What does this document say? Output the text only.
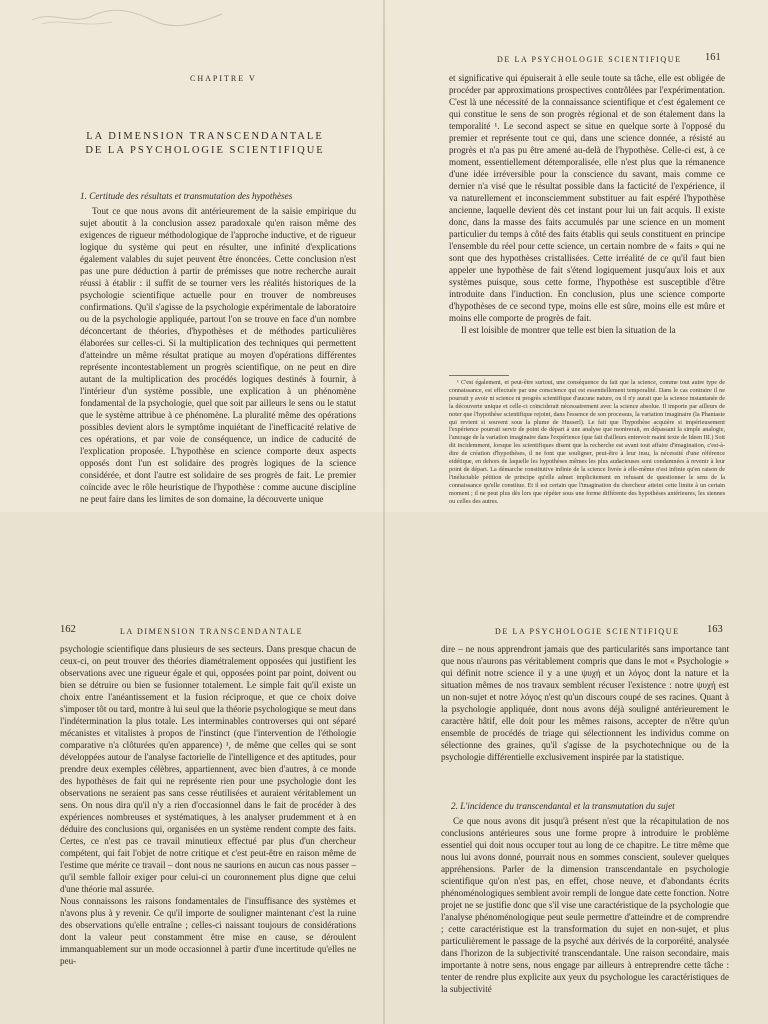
CHAPITRE V
LA DIMENSION TRANSCENDANTALE
DE LA PSYCHOLOGIE SCIENTIFIQUE
1. Certitude des résultats et transmutation des hypothèses

Tout ce que nous avons dit antérieurement de la saisie empirique du sujet aboutit à la conclusion assez paradoxale qu'en raison même des exigences de rigueur méthodologique de l'approche inductive, et de rigueur logique du système qui peut en résulter, une infinité d'explications également valables du sujet peuvent être énoncées. Cette conclusion n'est pas une pure déduction à partir de prémisses que notre recherche aurait réussi à établir : il suffit de se tourner vers les réalités historiques de la psychologie scientifique actuelle pour en trouver de nombreuses confirmations. Qu'il s'agisse de la psychologie expérimentale de laboratoire ou de la psychologie appliquée, partout l'on se trouve en face d'un nombre déconcertant de théories, d'hypothèses et de méthodes particulières élaborées sur celles-ci. Si la multiplication des techniques qui permettent d'atteindre un même résultat pratique au moyen d'opérations différentes représente incontestablement un progrès scientifique, on ne peut en dire autant de la multiplication des procédés logiques destinés à fournir, à l'intérieur d'un système possible, une explication à un phénomène fondamental de la psychologie, quel que soit par ailleurs le sens ou le statut que le système attribue à ce phénomène. La pluralité même des opérations possibles devient alors le symptôme inquiétant de l'inefficacité relative de ces opérations, et par voie de conséquence, un indice de caducité de l'explication proposée. L'hypothèse en science comporte deux aspects opposés dont l'un est solidaire des progrès logiques de la science considérée, et dont l'autre est solidaire de ses progrès de fait. Le premier coïncide avec le rôle heuristique de l'hypothèse : comme aucune discipline ne peut faire dans les limites de son domaine, la découverte unique

DE LA PSYCHOLOGIE SCIENTIFIQUE 161

et significative qui épuiserait à elle seule toute sa tâche, elle est obligée de procéder par approximations prospectives contrôlées par l'expérimentation. C'est là une nécessité de la connaissance scientifique et c'est également ce qui constitue le sens de son progrès régional et de son étalement dans la temporalité ¹. Le second aspect se situe en quelque sorte à l'opposé du premier et représente tout ce qui, dans une science donnée, a résisté au progrès et n'a pas pu être amené au-delà de l'hypothèse. Celle-ci est, à ce moment, essentiellement détemporalisée, elle n'est plus que la rémanence d'une idée irréversible pour la conscience du savant, mais comme ce dernier n'a visé que le résultat possible dans la facticité de l'expérience, il va naturellement et inconsciemment substituer au fait espéré l'hypothèse ancienne, laquelle devient dès cet instant pour lui un fait acquis. Il existe donc, dans la masse des faits accumulés par une science en un moment particulier du temps à côté des faits établis qui seuls constituent en principe l'ensemble du réel pour cette science, un certain nombre de « faits » qui ne sont que des hypothèses cristallisées. Cette irréalité de ce qu'il faut bien appeler une hypothèse de fait s'étend logiquement jusqu'aux lois et aux systèmes puisque, sous cette forme, l'hypothèse est susceptible d'être introduite dans l'induction. En conclusion, plus une science comporte d'hypothèses de ce second type, moins elle est sûre, moins elle est mûre et moins elle comporte de progrès de fait.

Il est loisible de montrer que telle est bien la situation de la

¹ C'est également, et peut-être surtout, une conséquence du fait que la science, comme tout autre type de connaissance, est effectuée par une conscience qui est essentiellement temporalité. Dans le cas contraire il ne pourrait y avoir ni science ni progrès scientifique d'aucune nature, ou il n'y aurait que la science instantanée de la découverte unique et celle-ci coïnciderait nécessairement avec la science absolue. Il importe par ailleurs de noter que l'hypothèse scientifique rejoint, dans l'essence de son processus, la variation imaginaire (la Phantasie qui revient si souvent sous la plume de Husserl). Le fait que l'hypothèse acquière si impérieusement l'expérience pourrait servir de point de départ à une analyse que montrerait, en dépassant la simple analogie, l'ancrage de la variation imaginaire dans l'expérience (que fait d'ailleurs entrevoir maint texte de Ideen III.) Soit dit incidemment, lorsque les scientifiques disent que la recherche est avant tout affaire d'imagination, c'est-à-dire de création d'hypothèses, il ne font que souligner, peut-être à leur insu, la nécessité d'une référence eidétique, en dehors de laquelle les hypothèses mêmes les plus audacieuses sont condamnées à revenir à leur point de départ. La démarche constitutive infinie de la science livrée à elle-même n'est infinie qu'en raison de l'inéluctable pétition de principe qu'elle admet implicitement en refusant de questionner le sens de la connaissance qu'elle constitue. Et il est certain que l'imagination du chercheur atteint cette limite à un certain moment ; il ne peut plus dès lors que répéter sous une forme différente des hypothèses antérieures, les siennes ou celles des autres.

162	LA DIMENSION TRANSCENDANTALE

psychologie scientifique dans plusieurs de ses secteurs. Dans presque chacun de ceux-ci, on peut trouver des théories diamétralement opposées qui justifient les observations avec une rigueur égale et qui, opposées point par point, doivent ou bien se détruire ou bien se fusionner totalement. Le simple fait qu'il existe un choix entre l'anéantissement et la fusion réciproque, et que ce choix doive s'imposer tôt ou tard, montre à lui seul que la théorie psychologique se meut dans l'indétermination la plus totale. Les interminables controverses qui ont séparé mécanistes et vitalistes à propos de l'instinct (que l'intervention de l'éthologie comparative n'a clôturées qu'en apparence) ¹, de même que celles qui se sont développées autour de l'analyse factorielle de l'intelligence et des aptitudes, pour prendre deux exemples célèbres, appartiennent, avec bien d'autres, à ce monde des hypothèses de fait qui ne représente rien pour une psychologie dont les observations ne seraient pas sans cesse réutilisées et auraient véritablement un sens. On nous dira qu'il n'y a rien d'occasionnel dans le fait de procéder à des expériences nombreuses et systématiques, à les analyser prudemment et à en déduire des conclusions qui, organisées en un système rendent compte des faits. Certes, ce n'est pas ce travail minutieux effectué par plus d'un chercheur compétent, qui fait l'objet de notre critique et c'est peut-être en raison même de l'estime que mérite ce travail – dont nous ne saurions en aucun cas nous passer – qu'il semble falloir exiger pour celui-ci un couronnement plus digne que celui d'une théorie mal assurée.

Nous connaissons les raisons fondamentales de l'insuffisance des systèmes et n'avons plus à y revenir. Ce qu'il importe de souligner maintenant c'est la ruine des observations qu'elle entraîne ; celles-ci naissant toujours de considérations dont la valeur peut constamment être mise en cause, se déroulent immanquablement sur un mode occasionnel à partir d'une incertitude qu'elles ne peu-

DE LA PSYCHOLOGIE SCIENTIFIQUE	163

dire – ne nous apprendront jamais que des particularités sans importance tant que nous n'aurons pas véritablement compris que dans le mot « Psychologie » qui définit notre science il y a une ψυχή et un λόγος dont la nature et la situation mêmes de nos travaux semblent récuser l'existence : notre ψυχή est un non-sujet et notre λόγος n'est qu'un discours coupé de ses racines. Quant à la psychologie appliquée, dont nous avons déjà souligné antérieurement le caractère hâtif, elle doit pour les mêmes raisons, accepter de n'être qu'un ensemble de procédés de triage qui sélectionnent les individus comme on sélectionne des graines, qu'il s'agisse de la psychotechnique ou de la psychologie différentielle exclusivement inspirée par la statistique.

2. L'incidence du transcendantal et la transmutation du sujet

Ce que nous avons dit jusqu'à présent n'est que la récapitulation de nos conclusions antérieures sous une forme propre à introduire le problème essentiel qui doit nous occuper tout au long de ce chapitre. Le titre même que nous lui avons donné, pourrait nous en sommes conscient, soulever quelques appréhensions. Parler de la dimension transcendantale en psychologie scientifique qu'on n'est pas, en effet, chose neuve, et d'abondants écrits phénoménologiques semblent avoir rempli de longue date cette fonction. Notre projet ne se justifie donc que s'il vise une caractéristique de la psychologie que l'analyse phénoménologique peut seule permettre d'atteindre et de comprendre ; cette caractéristique est la transformation du sujet en non-sujet, et plus particulièrement le passage de la psyché aux dérivés de la corporéité, analysée dans l'horizon de la subjectivité transcendantale. Une raison secondaire, mais importante à notre sens, nous engage par ailleurs à entreprendre cette tâche : tenter de rendre plus explicite aux yeux du psychologue les caractéristiques de la subjectivité
